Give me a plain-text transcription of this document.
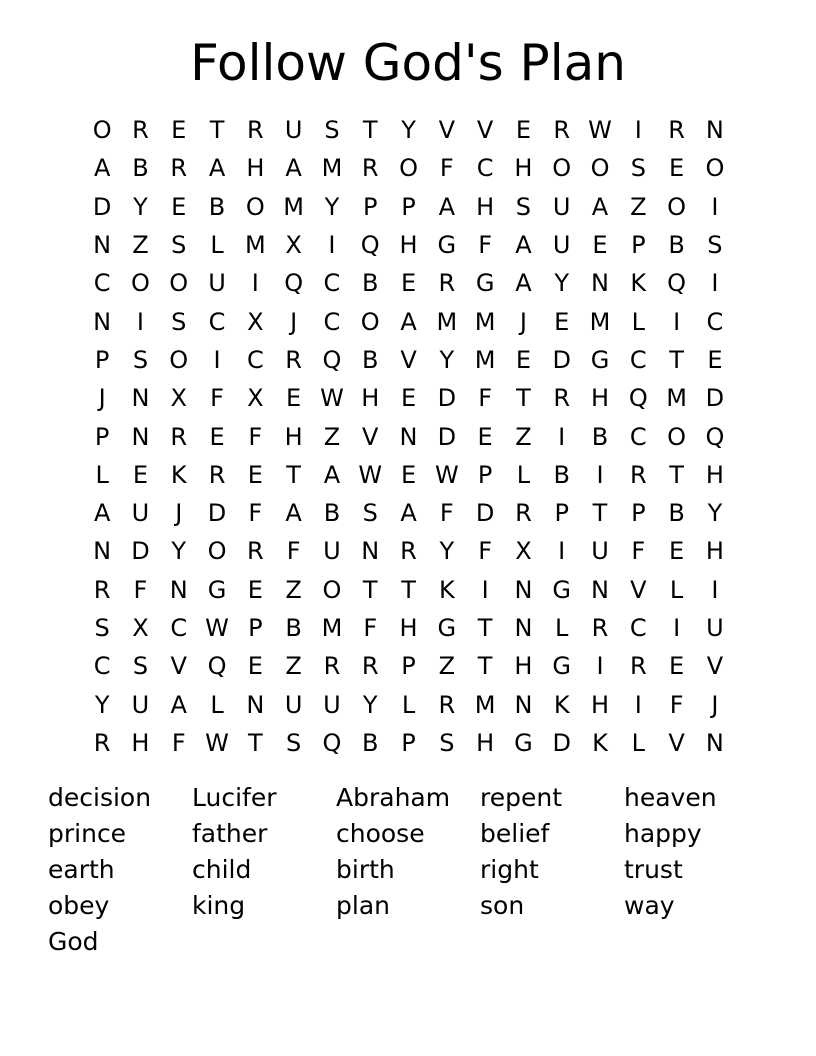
Follow God's Plan
O R E T R U S T Y V V E R W I	R N
A B R A H A M R O F C H O O S E O
D Y E B O M Y P P A H S U A Z O	I
N Z S L M X	I	Q H G F A U E P B S
C O O U	I	Q C B E R G A Y N K Q	I
N	I	S C X	J	C O A M M	J	E M L	I	C
P S O	I	C R Q B V Y M E D G C T E
J	N X F X E W H E D F	T R H Q M D
P N R E F H Z V N D E Z	I	B C O Q
L	E K R E T A W E W P	L B	I	R T H
A U	J	D F A B S A F D R P T P B Y
N D Y O R F U N R Y	F X	I	U F E H
R F N G E Z O T T K	I	N G N V L	I
S X C W P B M F H G T N L R C	I	U
C S V Q E Z R R P Z T H G	I	R E V
Y U A L N U U Y	L R M N K H	I	F	J
R H F W T S Q B P S H G D K L V N
decision	Lucifer	Abraham	repent	heaven
prince	father	choose	belief	happy
earth	child	birth	right	trust
obey	king	plan	son	way
God
